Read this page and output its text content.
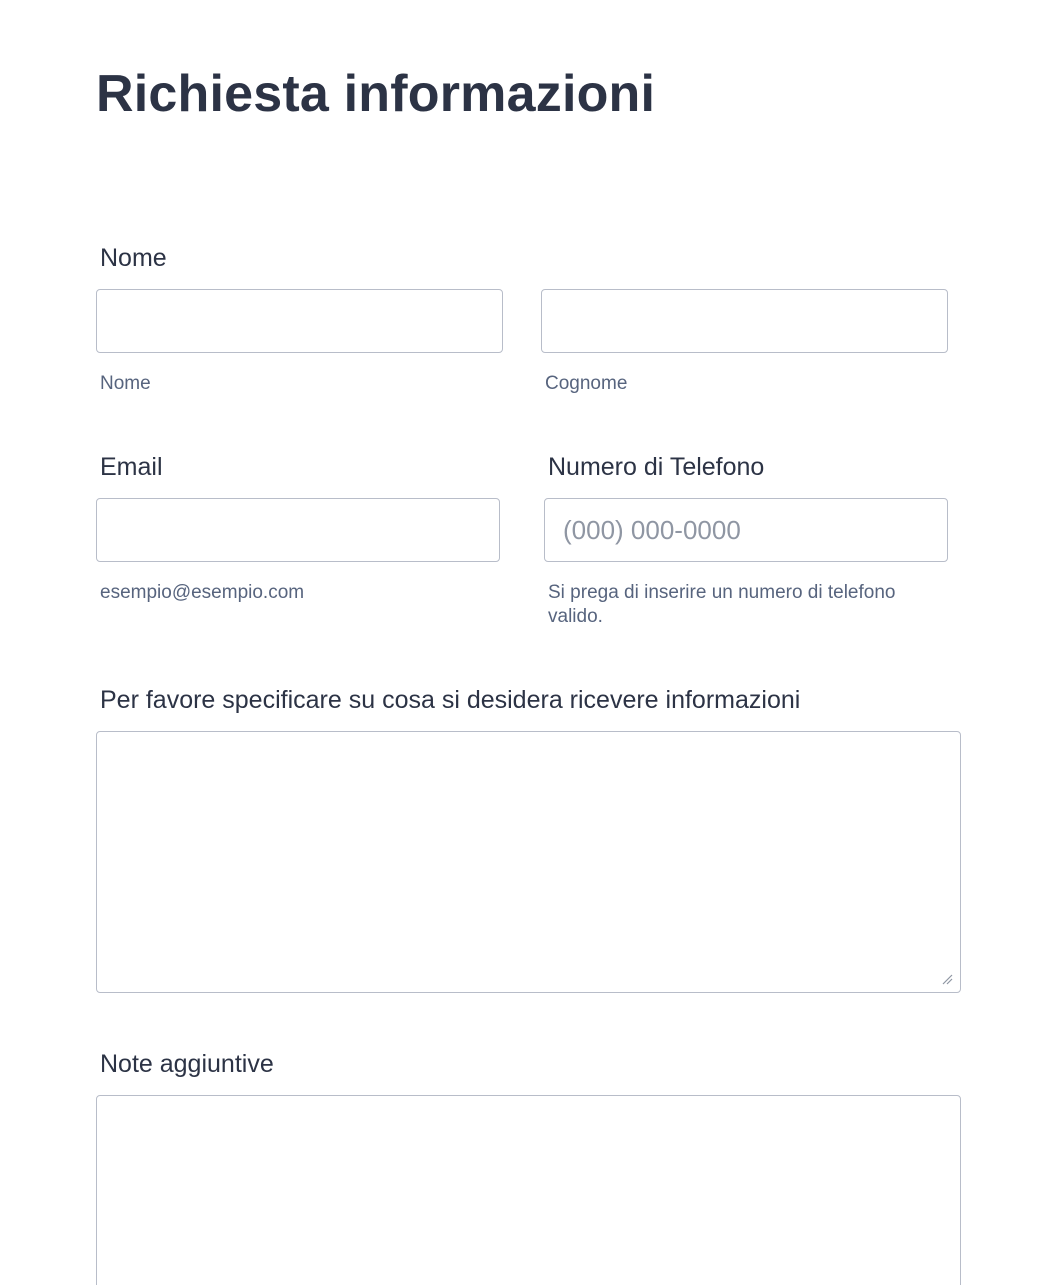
Richiesta informazioni
Nome
Nome	Cognome
Email
esempio@esempio.com
Numero di Telefono
(000) 000-0000
Si prega di inserire un numero di telefono valido.
Per favore specificare su cosa si desidera ricevere informazioni
Note aggiuntive
